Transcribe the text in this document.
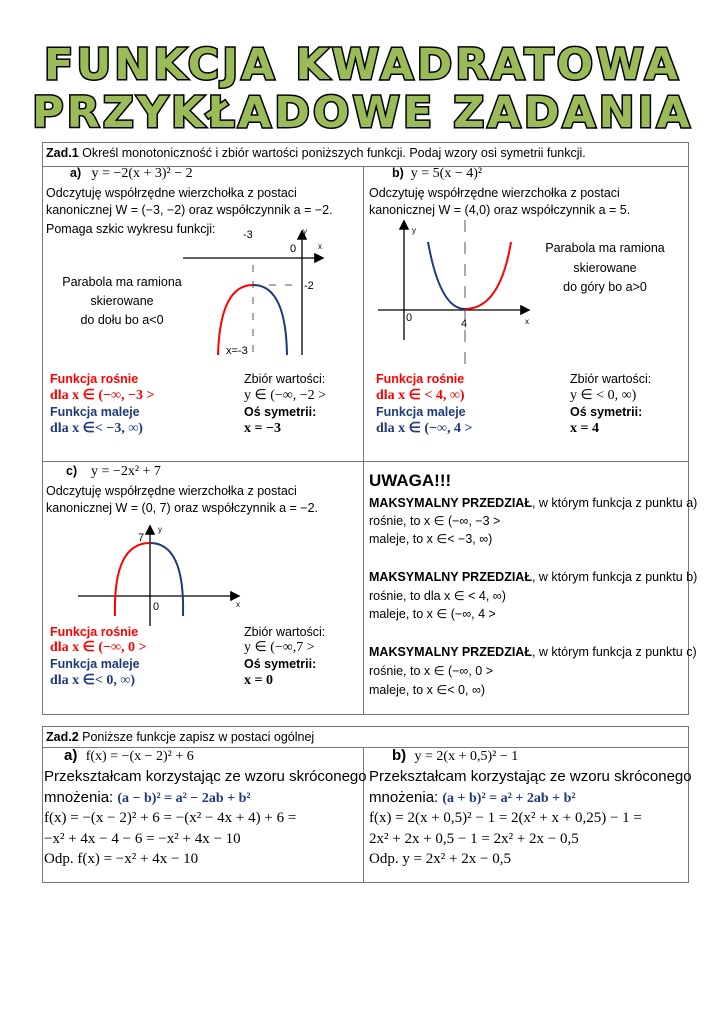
FUNKCJA KWADRATOWA
PRZYKŁADOWE ZADANIA
Zad.1 Określ monotoniczność i zbiór wartości poniższych funkcji. Podaj wzory osi symetrii funkcji.
a) y = −2(x + 3)² − 2
Odczytuję współrzędne wierzchołka z postaci
kanonicznej W = (−3, −2) oraz współczynnik a = −2.
Pomaga szkic wykresu funkcji:
Parabola ma ramiona
skierowane
do dołu bo a<0
Funkcja rośnie
dla x ∈ (−∞, −3 >
Funkcja maleje
dla x ∈< −3, ∞)
Zbiór wartości:
y ∈ (−∞, −2 >
Oś symetrii:
x = −3
b) y = 5(x − 4)²
Odczytuję współrzędne wierzchołka z postaci
kanonicznej W = (4,0) oraz współczynnik a = 5.
Parabola ma ramiona
skierowane
do góry bo a>0
Funkcja rośnie
dla x ∈ < 4, ∞)
Funkcja maleje
dla x ∈ (−∞, 4 >
Zbiór wartości:
y ∈ < 0, ∞)
Oś symetrii:
x = 4
c) y = −2x² + 7
Odczytuję współrzędne wierzchołka z postaci
kanonicznej W = (0, 7) oraz współczynnik a = −2.
Funkcja rośnie
dla x ∈ (−∞, 0 >
Funkcja maleje
dla x ∈< 0, ∞)
Zbiór wartości:
y ∈ (−∞,7 >
Oś symetrii:
x = 0
UWAGA!!!
MAKSYMALNY PRZEDZIAŁ, w którym funkcja z punktu a)
rośnie, to x ∈ (−∞, −3 >
maleje, to x ∈< −3, ∞)
MAKSYMALNY PRZEDZIAŁ, w którym funkcja z punktu b)
rośnie, to dla x ∈ < 4, ∞)
maleje, to x ∈ (−∞, 4 >
MAKSYMALNY PRZEDZIAŁ, w którym funkcja z punktu c)
rośnie, to x ∈ (−∞, 0 >
maleje, to x ∈< 0, ∞)
Zad.2 Poniższe funkcje zapisz w postaci ogólnej
a) f(x) = −(x − 2)² + 6
Przekształcam korzystając ze wzoru skróconego
mnożenia: (a − b)² = a² − 2ab + b²
f(x) = −(x − 2)² + 6 = −(x² − 4x + 4) + 6 =
−x² + 4x − 4 − 6 = −x² + 4x − 10
Odp. f(x) = −x² + 4x − 10
b) y = 2(x + 0,5)² − 1
Przekształcam korzystając ze wzoru skróconego
mnożenia: (a + b)² = a² + 2ab + b²
f(x) = 2(x + 0,5)² − 1 = 2(x² + x + 0,25) − 1 =
2x² + 2x + 0,5 − 1 = 2x² + 2x − 0,5
Odp. y = 2x² + 2x − 0,5
-3
0	x
y
-2
x=-3
y
0	4	x
7
y
0	x
